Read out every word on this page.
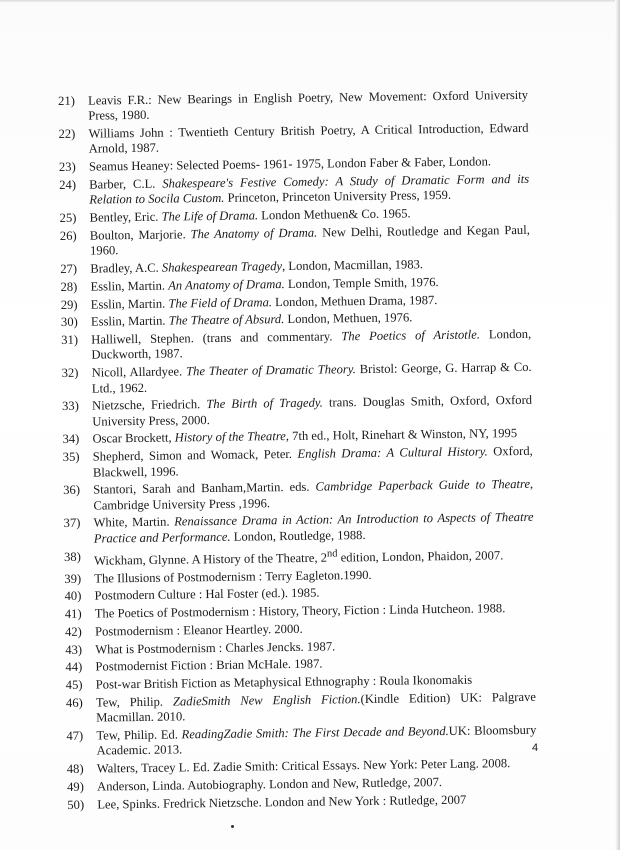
21)	Leavis F.R.: New Bearings in English Poetry, New Movement: Oxford University Press, 1980.
22)	Williams John : Twentieth Century British Poetry, A Critical Introduction, Edward Arnold, 1987.
23)	Seamus Heaney: Selected Poems- 1961- 1975, London Faber & Faber, London.
24)	Barber, C.L. Shakespeare's Festive Comedy: A Study of Dramatic Form and its Relation to Socila Custom. Princeton, Princeton University Press, 1959.
25)	Bentley, Eric. The Life of Drama. London Methuen& Co. 1965.
26)	Boulton, Marjorie. The Anatomy of Drama. New Delhi, Routledge and Kegan Paul, 1960.
27)	Bradley, A.C. Shakespearean Tragedy, London, Macmillan, 1983.
28)	Esslin, Martin. An Anatomy of Drama. London, Temple Smith, 1976.
29)	Esslin, Martin. The Field of Drama. London, Methuen Drama, 1987.
30)	Esslin, Martin. The Theatre of Absurd. London, Methuen, 1976.
31)	Halliwell, Stephen. (trans and commentary. The Poetics of Aristotle. London, Duckworth, 1987.
32)	Nicoll, Allardyee. The Theater of Dramatic Theory. Bristol: George, G. Harrap & Co. Ltd., 1962.
33)	Nietzsche, Friedrich. The Birth of Tragedy. trans. Douglas Smith, Oxford, Oxford University Press, 2000.
34)	Oscar Brockett, History of the Theatre, 7th ed., Holt, Rinehart & Winston, NY, 1995
35)	Shepherd, Simon and Womack, Peter. English Drama: A Cultural History. Oxford, Blackwell, 1996.
36)	Stantori, Sarah and Banham,Martin. eds. Cambridge Paperback Guide to Theatre, Cambridge University Press ,1996.
37)	White, Martin. Renaissance Drama in Action: An Introduction to Aspects of Theatre Practice and Performance. London, Routledge, 1988.
38)	Wickham, Glynne. A History of the Theatre, 2nd edition, London, Phaidon, 2007.
39)	The Illusions of Postmodernism : Terry Eagleton.1990.
40)	Postmodern Culture : Hal Foster (ed.). 1985.
41)	The Poetics of Postmodernism : History, Theory, Fiction : Linda Hutcheon. 1988.
42)	Postmodernism : Eleanor Heartley. 2000.
43)	What is Postmodernism : Charles Jencks. 1987.
44)	Postmodernist Fiction : Brian McHale. 1987.
45)	Post-war British Fiction as Metaphysical Ethnography : Roula Ikonomakis
46)	Tew, Philip. ZadieSmith New English Fiction.(Kindle Edition) UK: Palgrave Macmillan. 2010.
47)	Tew, Philip. Ed. ReadingZadie Smith: The First Decade and Beyond.UK: Bloomsbury Academic. 2013.
48)	Walters, Tracey L. Ed. Zadie Smith: Critical Essays. New York: Peter Lang. 2008.
49)	Anderson, Linda. Autobiography. London and New, Rutledge, 2007.
50)	Lee, Spinks. Fredrick Nietzsche. London and New York : Rutledge, 2007
4
